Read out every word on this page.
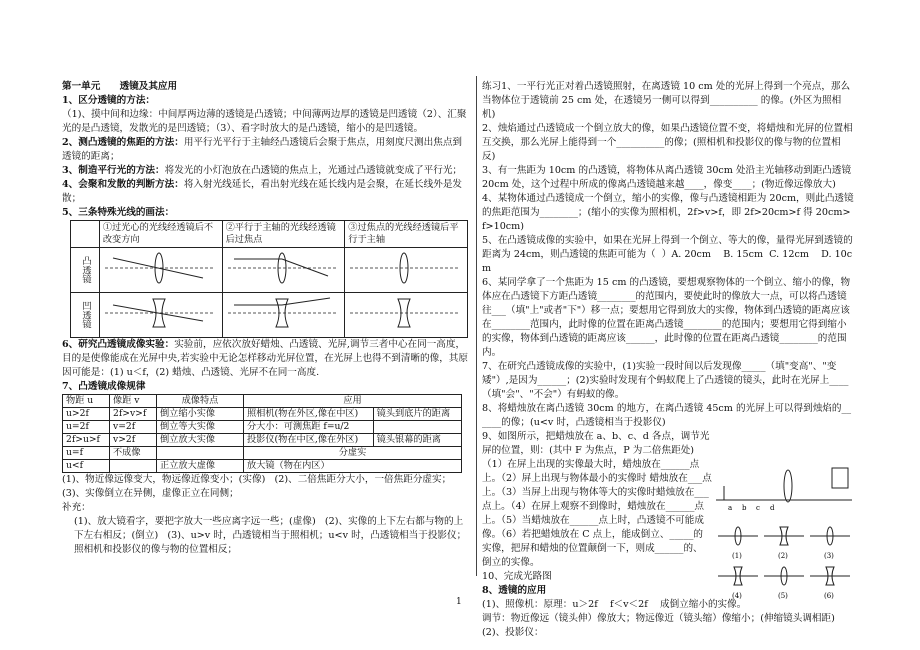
第一单元　　 透镜及其应用

1、区分透镜的方法：

（1)、摸中间和边缘：中间厚两边薄的透镜是凸透镜；中间薄两边厚的透镜是凹透镜（2）、汇聚光的是凸透镜，发散光的是凹透镜；（3）、看字时放大的是凸透镜，缩小的是凹透镜。

2、测凸透镜的焦距的方法：用平行光平行于主轴经凸透镜后会聚于焦点，用刻度尺测出焦点到透镜的距离；

3、制造平行光的方法：将发光的小灯泡放在凸透镜的焦点上，光通过凸透镜就变成了平行光；

4、会聚和发散的判断方法：将入射光线延长，看出射光线在延长线内是会聚，在延长线外是发散；

5、三条特殊光线的画法：

	①过光心的光线经透镜后不改变方向	②平行于主轴的光线经透镜后过焦点	③过焦点的光线经透镜后平行于主轴
凸透镜			
凹透镜			

6、研究凸透镜成像实验：实验前，应依次放好蜡烛、凸透镜、光屏,调节三者中心在同一高度，目的是使像能成在光屏中央,若实验中无论怎样移动光屏位置，在光屏上也得不到清晰的像，其原因可能是：(1) u＜f，(2) 蜡烛、凸透镜、光屏不在同一高度.

7、凸透镜成像规律

物距 u	像距 v	成像特点	应用	
u>2f	2f>v>f	倒立缩小实像	照相机(物在外区,像在中区)	镜头到底片的距离
u=2f	v=2f	倒立等大实像	分大小：可测焦距 f=u/2	
2f>u>f	v>2f	倒立放大实像	投影仪(物在中区,像在外区)	镜头银幕的距离
u=f	不成像		分虚实	
u<f		正立放大虚像	放大镜（物在内区）	

(1)、物近像远像变大，物远像近像变小；(实像)   (2)、二倍焦距分大小，一倍焦距分虚实；

(3)、实像倒立在异侧，虚像正立在同侧；

补充：

(1)、放大镜看字，要把字放大一些应离字远一些；(虚像)   (2)、实像的上下左右都与物的上下左右相反；(倒立)   (3)、u>v 时，凸透镜相当于照相机；u<v 时，凸透镜相当于投影仪；照相机和投影仪的像与物的位置相反；

练习1、一平行光正对着凸透镜照射，在离透镜 10 cm 处的光屏上得到一个亮点，那么当物体位于透镜前 25 cm 处，在透镜另一侧可以得到__________ 的像。(外区为照相机)

2、烛焰通过凸透镜成一个倒立放大的像，如果凸透镜位置不变，将蜡烛和光屏的位置相互交换，那么光屏上能得到一个__________的像；(照相机和投影仪的像与物的位置相反)

3、有一焦距为 10cm 的凸透镜，将物体从离凸透镜 30cm 处沿主光轴移动到距凸透镜 20cm 处，这个过程中所成的像离凸透镜越来越____，像变____；(物近像远像放大)

4、某物体通过凸透镜成一个倒立，缩小的实像，像与凸透镜相距为 20cm，则此凸透镜的焦距范围为________；(缩小的实像为照相机，2f>v>f，即 2f>20cm>f 得 20cm>f>10cm)

5、在凸透镜成像的实验中，如果在光屏上得到一个倒立、等大的像，量得光屏到透镜的距离为 24cm，则凸透镜的焦距可能为（  ）A. 20cm    B. 15cm  C. 12cm    D. 10cm

6、某同学拿了一个焦距为 15 cm 的凸透镜，要想观察物体的一个倒立、缩小的像，物体应在凸透镜下方距凸透镜________的范围内，要使此时的像放大一点，可以将凸透镜往___（填"上"或者"下"）移一点；要想用它得到放大的实像，物体到凸透镜的距离应该在________范围内，此时像的位置在距离凸透镜________的范围内；要想用它得到缩小的实像，物体到凸透镜的距离应该______，此时像的位置在距离凸透镜________的范围内。

7、在研究凸透镜成像的实验中，(1)实验一段时间以后发现像_____（填"变高"、"变矮"）,是因为______；(2)实验时发现有个蚂蚁爬上了凸透镜的镜头，此时在光屏上____（填"会"、"不会"）有蚂蚁的像。

8、将蜡烛放在离凸透镜 30cm 的地方，在离凸透镜 45cm 的光屏上可以得到烛焰的______的像；(u<v 时，凸透镜相当于投影仪)

9、如图所示，把蜡烛放在 a、b、c、d 各点，调节光屏的位置，则：(其中 F 为焦点，P 为二倍焦距处)（1）在屏上出现的实像最大时，蜡烛放在______点上。（2）屏上出现与物体最小的实像时 蜡烛放在___点上。（3）当屏上出现与物体等大的实像时蜡烛放在___点上。（4）在屏上观察不到像时，蜡烛放在______点上。（5）当蜡烛放在______点上时，凸透镜不可能成像。（6）若把蜡烛放在 C 点上，能成倒立、_____的实像，把屏和蜡烛的位置颠倒一下，则成______的、倒立的实像。

a b c d
(1)	(2)	(3)
(4)	(5)	(6)

10、完成光路图

8、透镜的应用

(1)、照像机：原理：u＞2f    f＜v＜2f    成倒立缩小的实像。

调节：物近像远（镜头伸）像放大；物远像近（镜头缩）像缩小；(伸缩镜头调相距)

(2)、投影仪：

1
